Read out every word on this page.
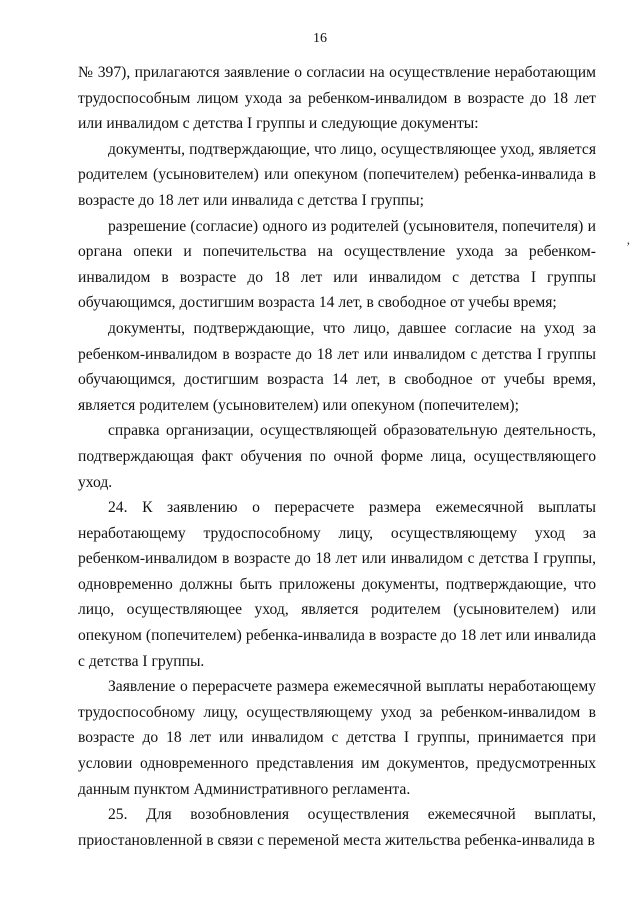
16
,

№ 397), прилагаются заявление о согласии на осуществление неработающим трудоспособным лицом ухода за ребенком-инвалидом в возрасте до 18 лет или инвалидом с детства I группы и следующие документы:

документы, подтверждающие, что лицо, осуществляющее уход, является родителем (усыновителем) или опекуном (попечителем) ребенка-инвалида в возрасте до 18 лет или инвалида с детства I группы;

разрешение (согласие) одного из родителей (усыновителя, попечителя) и органа опеки и попечительства на осуществление ухода за ребенком-инвалидом в возрасте до 18 лет или инвалидом с детства I группы обучающимся, достигшим возраста 14 лет, в свободное от учебы время;

документы, подтверждающие, что лицо, давшее согласие на уход за ребенком-инвалидом в возрасте до 18 лет или инвалидом с детства I группы обучающимся, достигшим возраста 14 лет, в свободное от учебы время, является родителем (усыновителем) или опекуном (попечителем);

справка организации, осуществляющей образовательную деятельность, подтверждающая факт обучения по очной форме лица, осуществляющего уход.

24. К заявлению о перерасчете размера ежемесячной выплаты неработающему трудоспособному лицу, осуществляющему уход за ребенком-инвалидом в возрасте до 18 лет или инвалидом с детства I группы, одновременно должны быть приложены документы, подтверждающие, что лицо, осуществляющее уход, является родителем (усыновителем) или опекуном (попечителем) ребенка-инвалида в возрасте до 18 лет или инвалида с детства I группы.

Заявление о перерасчете размера ежемесячной выплаты неработающему трудоспособному лицу, осуществляющему уход за ребенком-инвалидом в возрасте до 18 лет или инвалидом с детства I группы, принимается при условии одновременного представления им документов, предусмотренных данным пунктом Административного регламента.

25. Для возобновления осуществления ежемесячной выплаты, приостановленной в связи с переменой места жительства ребенка-инвалида в
